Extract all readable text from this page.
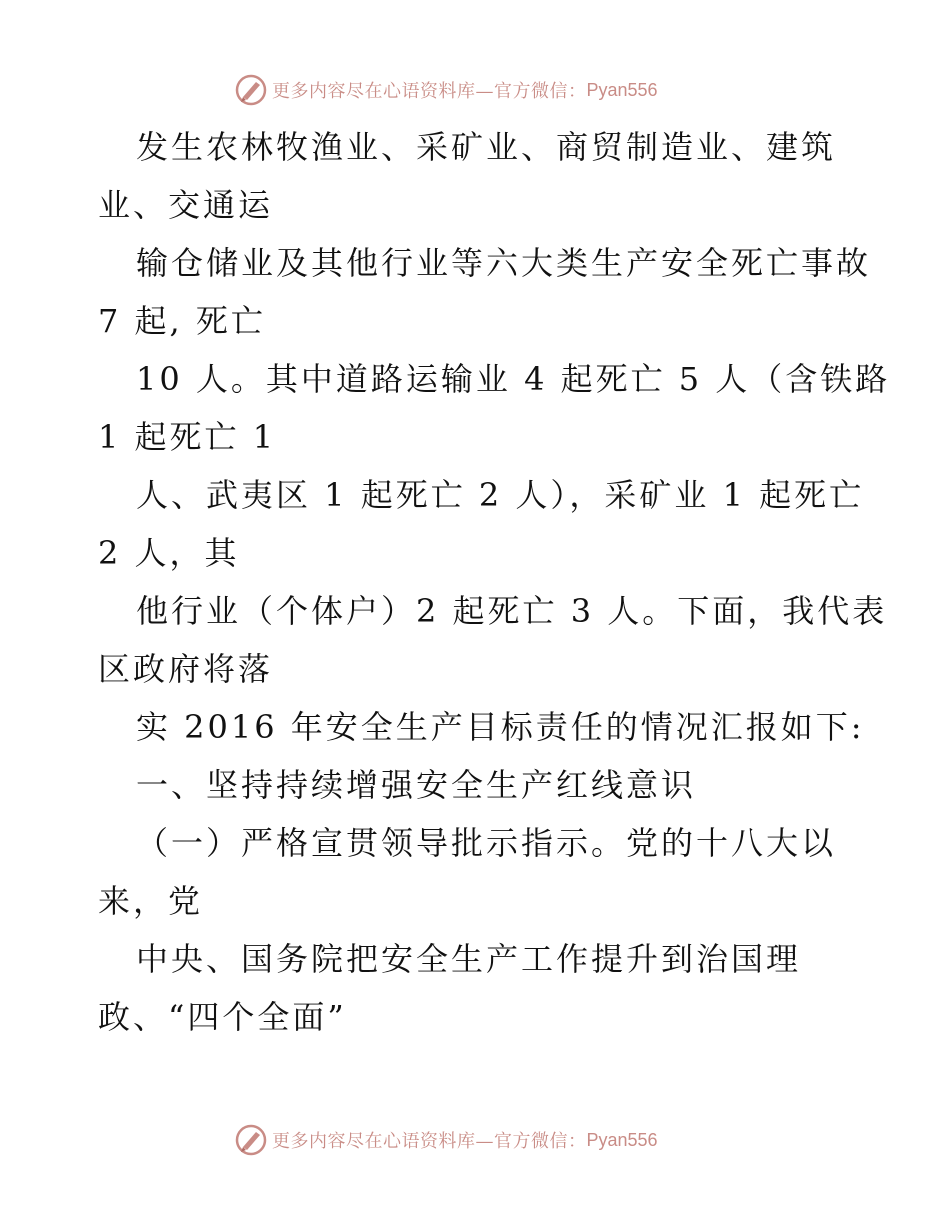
更多内容尽在心语资料库—官方微信： Pyan556
发生农林牧渔业、采矿业、商贸制造业、建筑
业、交通运
输仓储业及其他行业等六大类生产安全死亡事故
7 起, 死亡
10 人。其中道路运输业 4 起死亡 5 人（含铁路
1 起死亡 1
人、武夷区 1 起死亡 2 人），采矿业 1 起死亡
2 人，其
他行业（个体户）2 起死亡 3 人。下面，我代表
区政府将落
实 2016 年安全生产目标责任的情况汇报如下:
一、坚持持续增强安全生产红线意识
（一）严格宣贯领导批示指示。党的十八大以
来，党
中央、国务院把安全生产工作提升到治国理
政、“四个全面”
更多内容尽在心语资料库—官方微信： Pyan556
